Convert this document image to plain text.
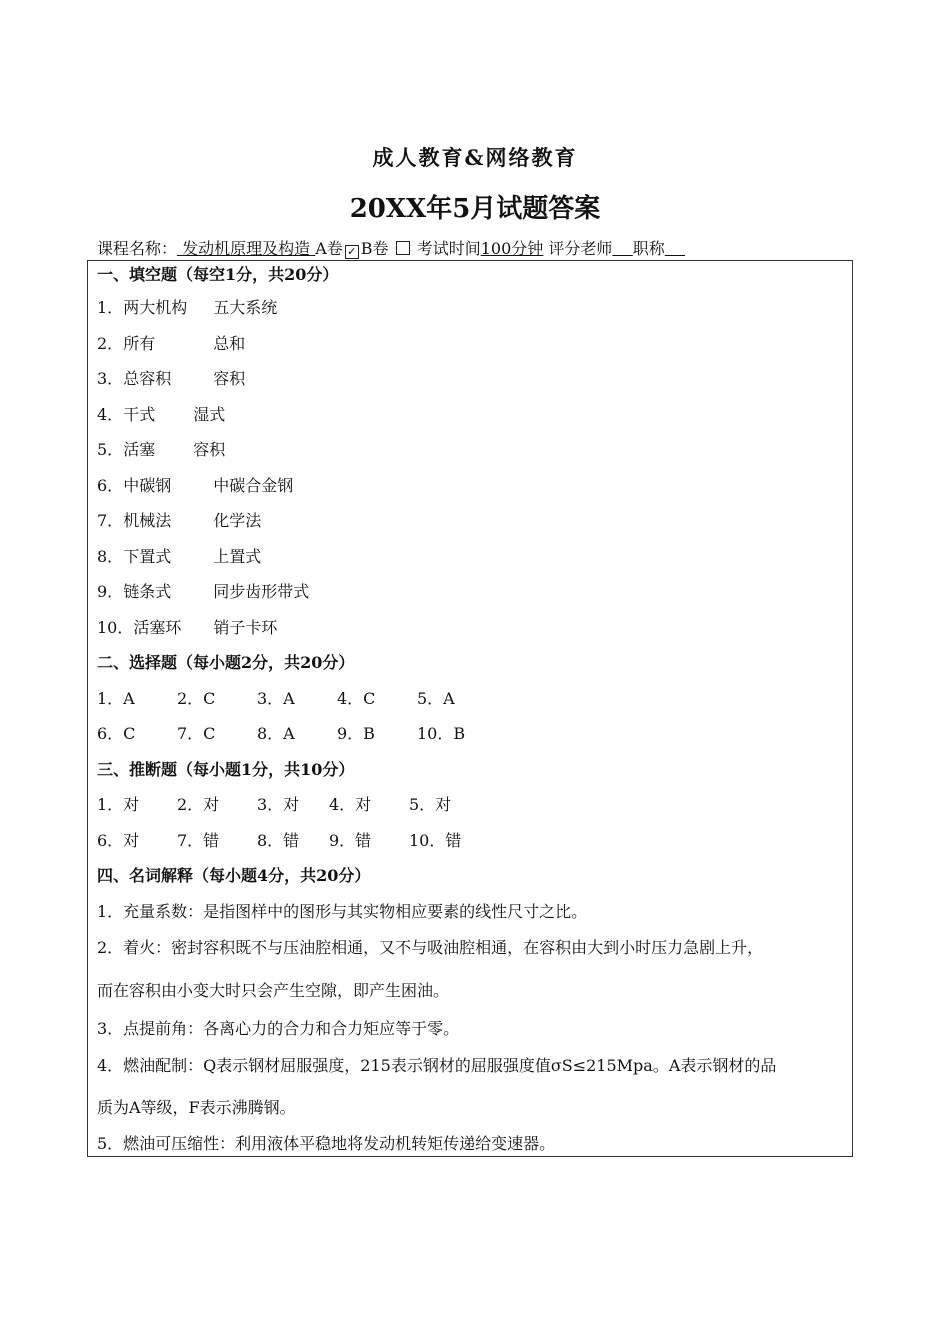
成人教育&网络教育
20XX年5月试题答案
课程名称： 发动机原理及构造 A卷 ✓ B卷 考试时间100分钟 评分老师 职称
一、填空题（每空1分，共20分）
1．两大机构 五大系统
2．所有	总和
3．总容积	容积
4．干式 湿式
5．活塞 容积
6．中碳钢	中碳合金钢
7．机械法	化学法
8．下置式	上置式
9．链条式	同步齿形带式
10．活塞环 销子卡环
二、选择题（每小题2分，共20分）
1．A	2．C	3．A	4．C	5．A
6．C	7．C	8．A	9．B	10．B
三、推断题（每小题1分，共10分）
1．对 2．对 3．对 4．对 5．对
6．对 7．错 8．错 9．错 10．错
四、名词解释（每小题4分，共20分）
1．充量系数：是指图样中的图形与其实物相应要素的线性尺寸之比。
2．着火：密封容积既不与压油腔相通，又不与吸油腔相通，在容积由大到小时压力急剧上升，
而在容积由小变大时只会产生空隙，即产生困油。
3．点提前角：各离心力的合力和合力矩应等于零。
4．燃油配制：Q表示钢材屈服强度，215表示钢材的屈服强度值σS≤215Mpa。A表示钢材的品
质为A等级，F表示沸腾钢。
5．燃油可压缩性：利用液体平稳地将发动机转矩传递给变速器。
